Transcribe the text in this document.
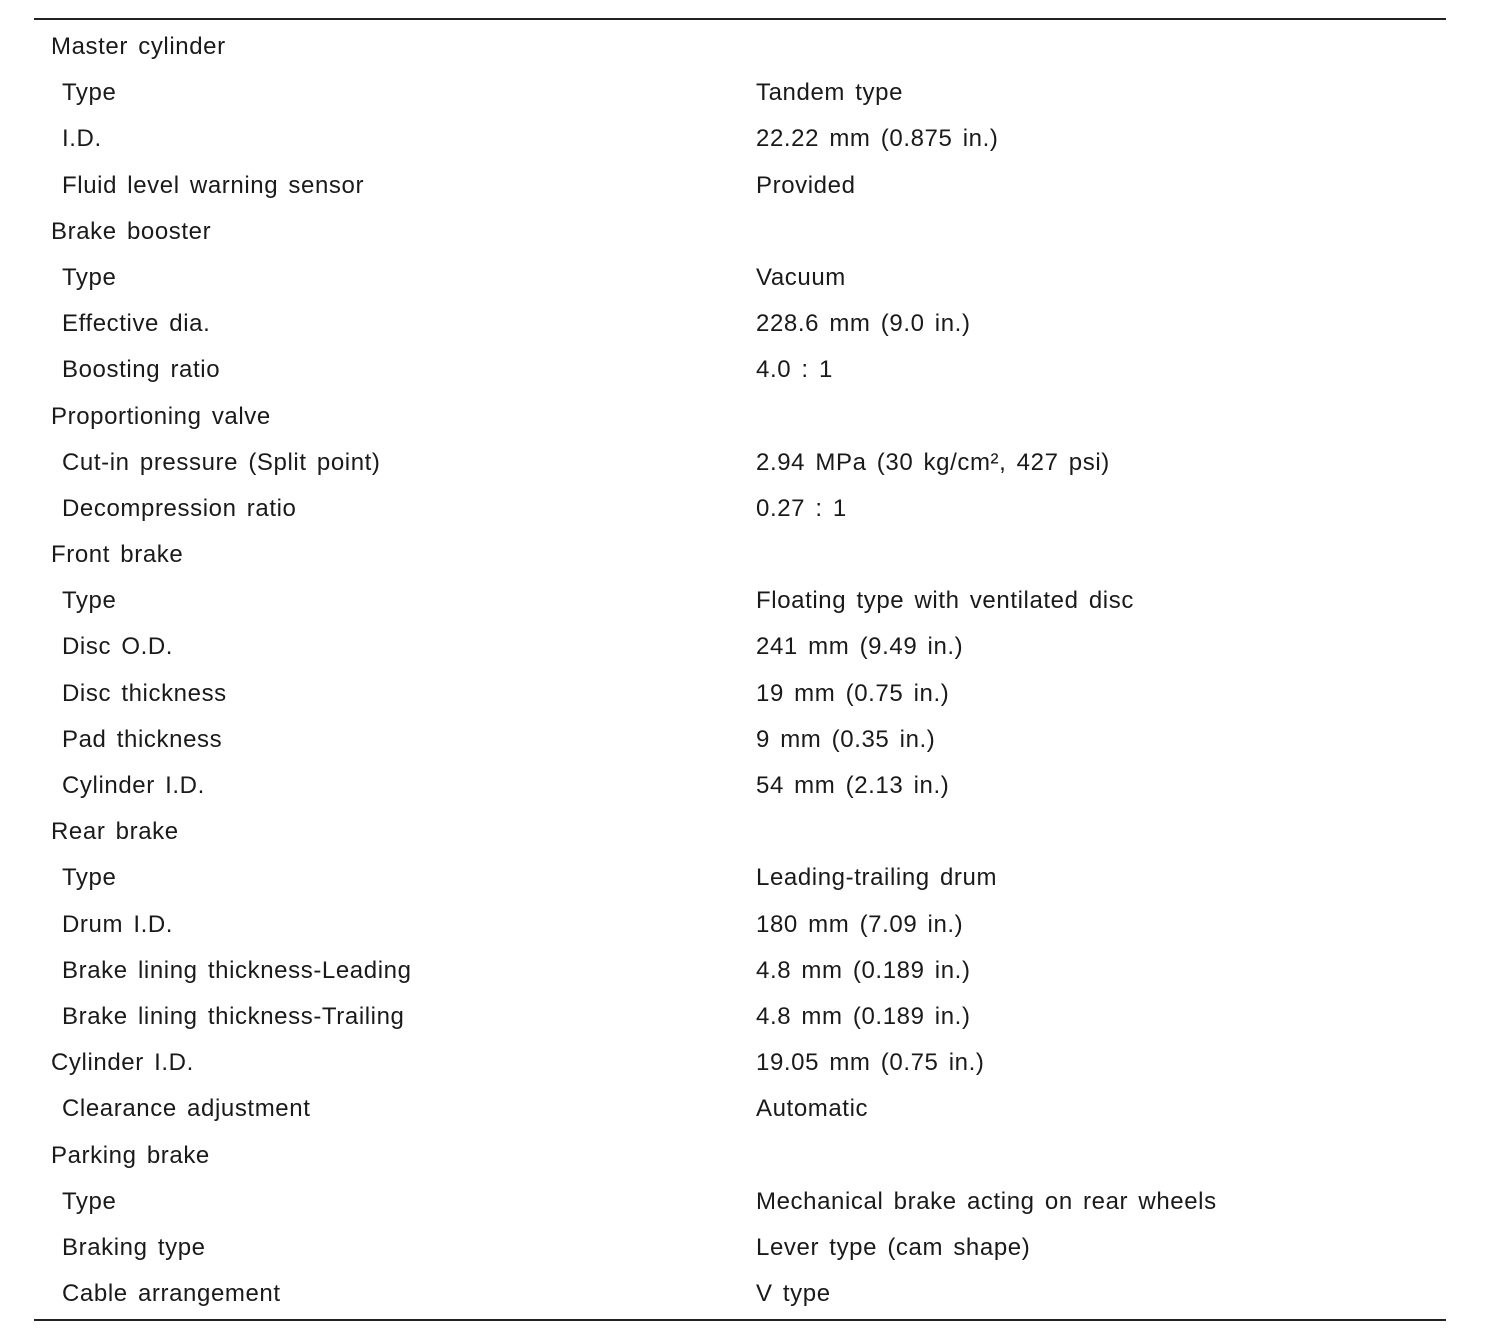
Master cylinder
Type	Tandem type
I.D.	22.22 mm (0.875 in.)
Fluid level warning sensor	Provided
Brake booster
Type	Vacuum
Effective dia.	228.6 mm (9.0 in.)
Boosting ratio	4.0 : 1
Proportioning valve
Cut-in pressure (Split point)	2.94 MPa (30 kg/cm², 427 psi)
Decompression ratio	0.27 : 1
Front brake
Type	Floating type with ventilated disc
Disc O.D.	241 mm (9.49 in.)
Disc thickness	19 mm (0.75 in.)
Pad thickness	9 mm (0.35 in.)
Cylinder I.D.	54 mm (2.13 in.)
Rear brake
Type	Leading-trailing drum
Drum I.D.	180 mm (7.09 in.)
Brake lining thickness-Leading	4.8 mm (0.189 in.)
Brake lining thickness-Trailing	4.8 mm (0.189 in.)
Cylinder I.D.	19.05 mm (0.75 in.)
Clearance adjustment	Automatic
Parking brake
Type	Mechanical brake acting on rear wheels
Braking type	Lever type (cam shape)
Cable arrangement	V type
